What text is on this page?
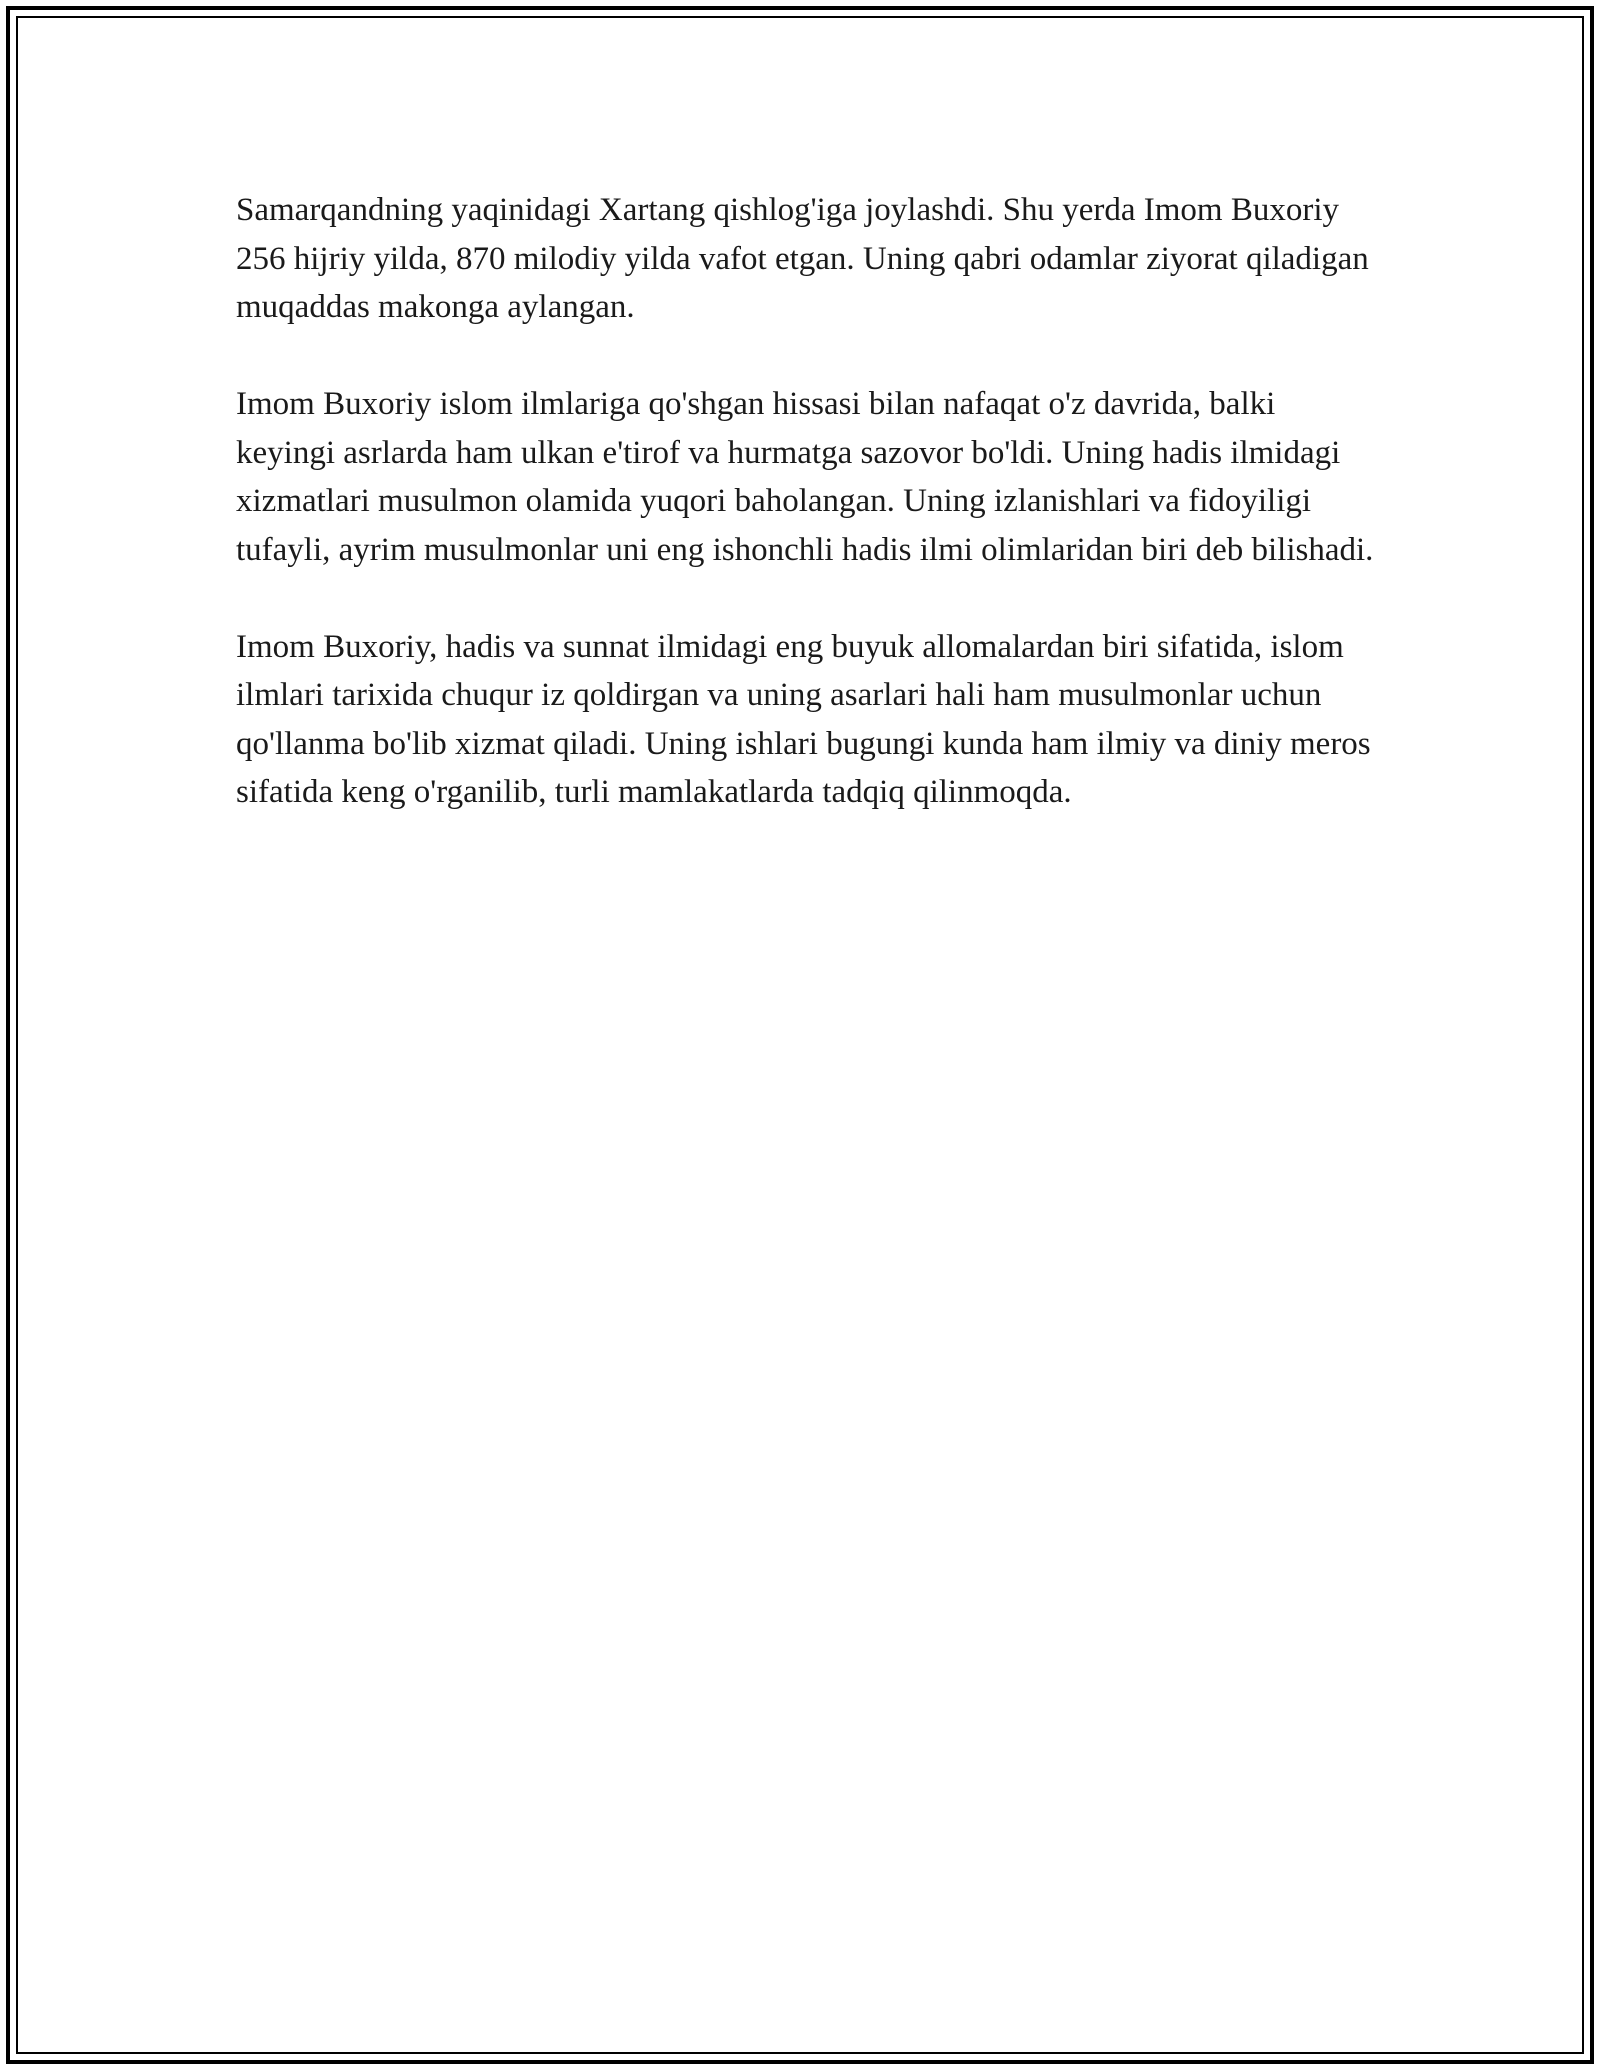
Samarqandning yaqinidagi Xartang qishlog'iga joylashdi. Shu yerda Imom Buxoriy 256 hijriy yilda, 870 milodiy yilda vafot etgan. Uning qabri odamlar ziyorat qiladigan muqaddas makonga aylangan.

Imom Buxoriy islom ilmlariga qo'shgan hissasi bilan nafaqat o'z davrida, balki keyingi asrlarda ham ulkan e'tirof va hurmatga sazovor bo'ldi. Uning hadis ilmidagi xizmatlari musulmon olamida yuqori baholangan. Uning izlanishlari va fidoyiligi tufayli, ayrim musulmonlar uni eng ishonchli hadis ilmi olimlaridan biri deb bilishadi.

Imom Buxoriy, hadis va sunnat ilmidagi eng buyuk allomalardan biri sifatida, islom ilmlari tarixida chuqur iz qoldirgan va uning asarlari hali ham musulmonlar uchun qo'llanma bo'lib xizmat qiladi. Uning ishlari bugungi kunda ham ilmiy va diniy meros sifatida keng o'rganilib, turli mamlakatlarda tadqiq qilinmoqda.
